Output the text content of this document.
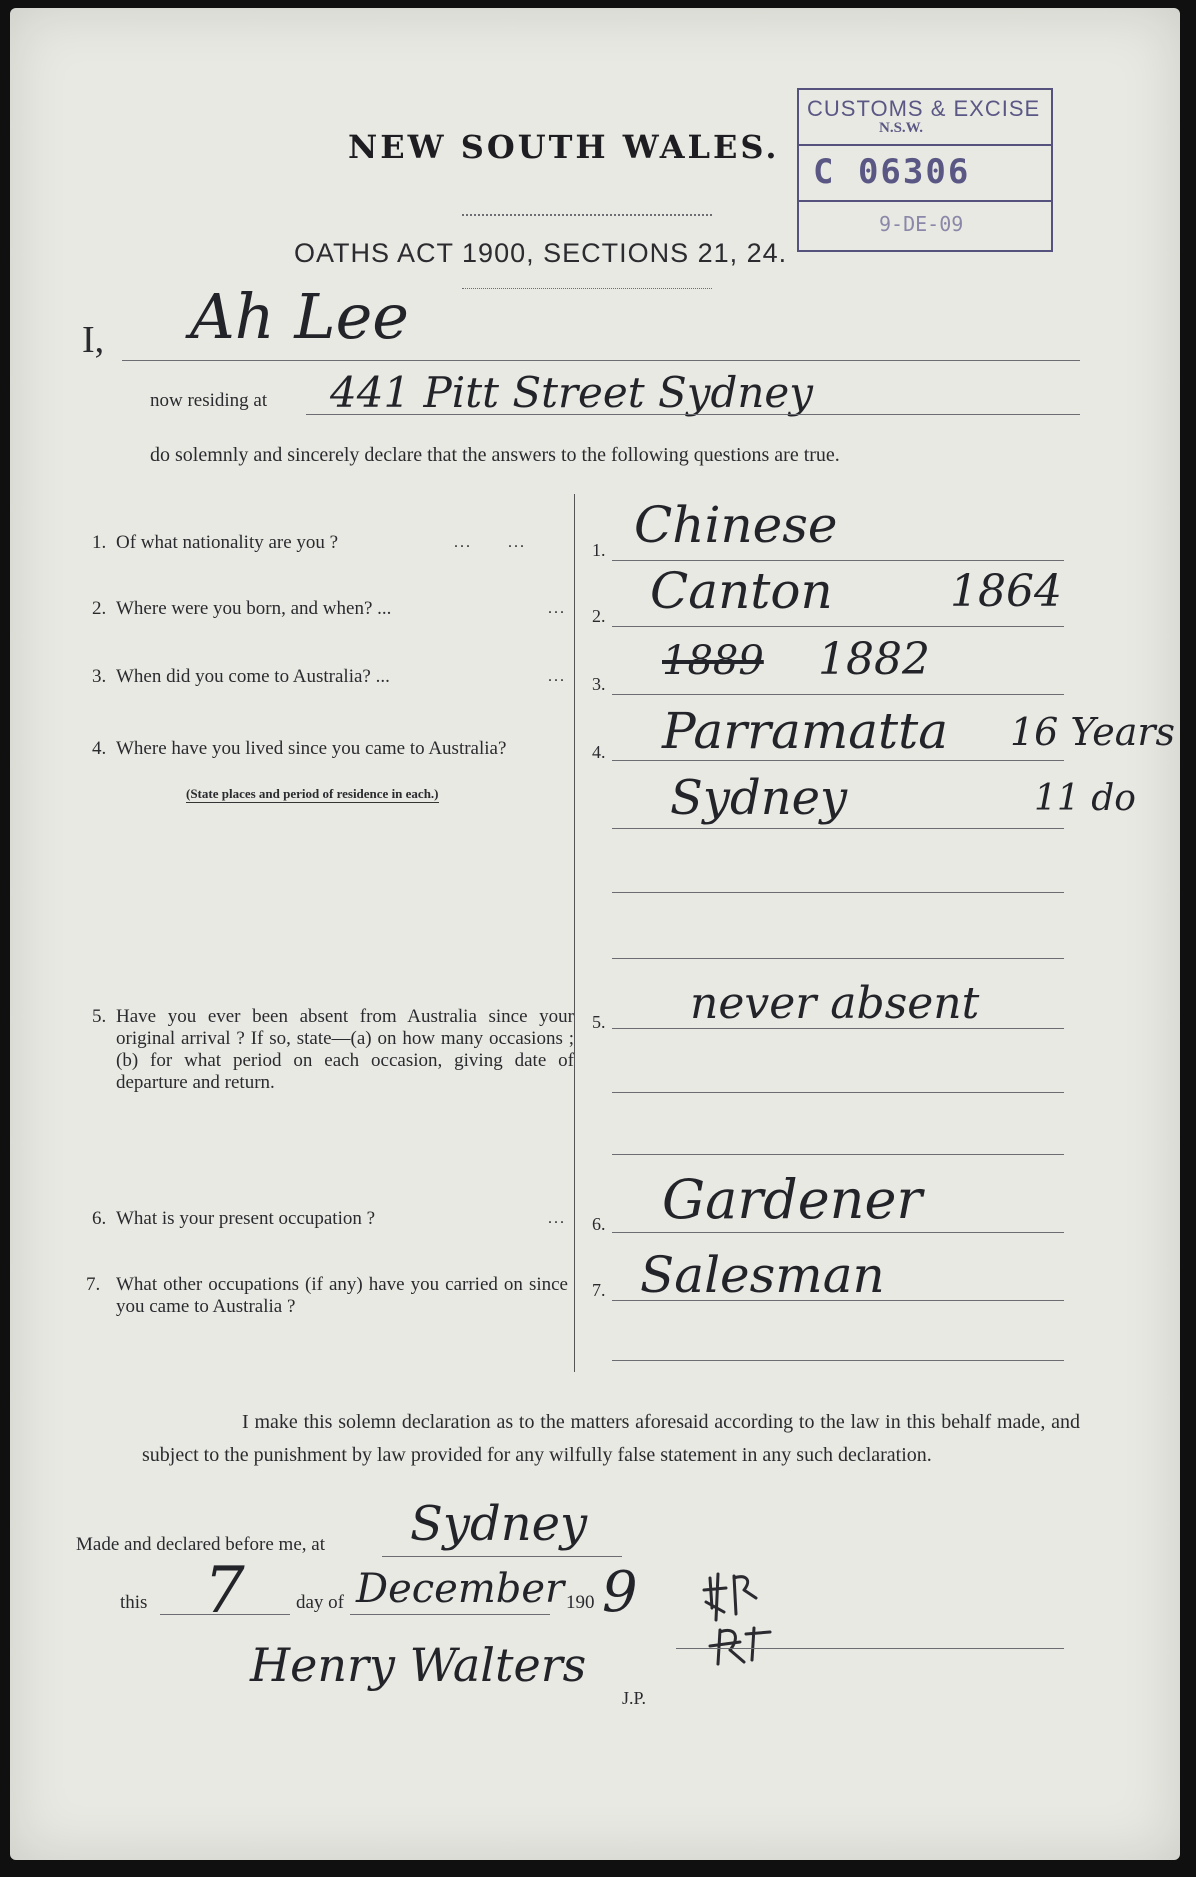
CUSTOMS & EXCISE
N.S.W.
C 06306
9-DE-09
NEW SOUTH WALES.
OATHS ACT 1900, SECTIONS 21, 24.
I, Ah Lee
now residing at 441 Pitt Street Sydney
do solemnly and sincerely declare that the answers to the following questions are true.
1. Of what nationality are you ?	...      ...	1. Chinese
2. Where were you born, and when? ...	... 2. Canton	1864
3. When did you come to Australia? ...	... 3. 1889 1882
4. Where have you lived since you came to Australia?
(State places and period of residence in each.)
4. Parramatta 16 Years
Sydney	11 do
5. Have you ever been absent from Australia since your original arrival ? If so, state—(a) on how many occasions ; (b) for what period on each occasion, giving date of departure and return.
5. never absent
6. What is your present occupation ?	... 6. Gardener
7. What other occupations (if any) have you carried on since you came to Australia ?
7. Salesman
I make this solemn declaration as to the matters aforesaid according to the law in this behalf made, and subject to the punishment by law provided for any wilfully false statement in any such declaration.
Made and declared before me, at Sydney
this 7	day of December 190 9
Henry Walters
J.P.
